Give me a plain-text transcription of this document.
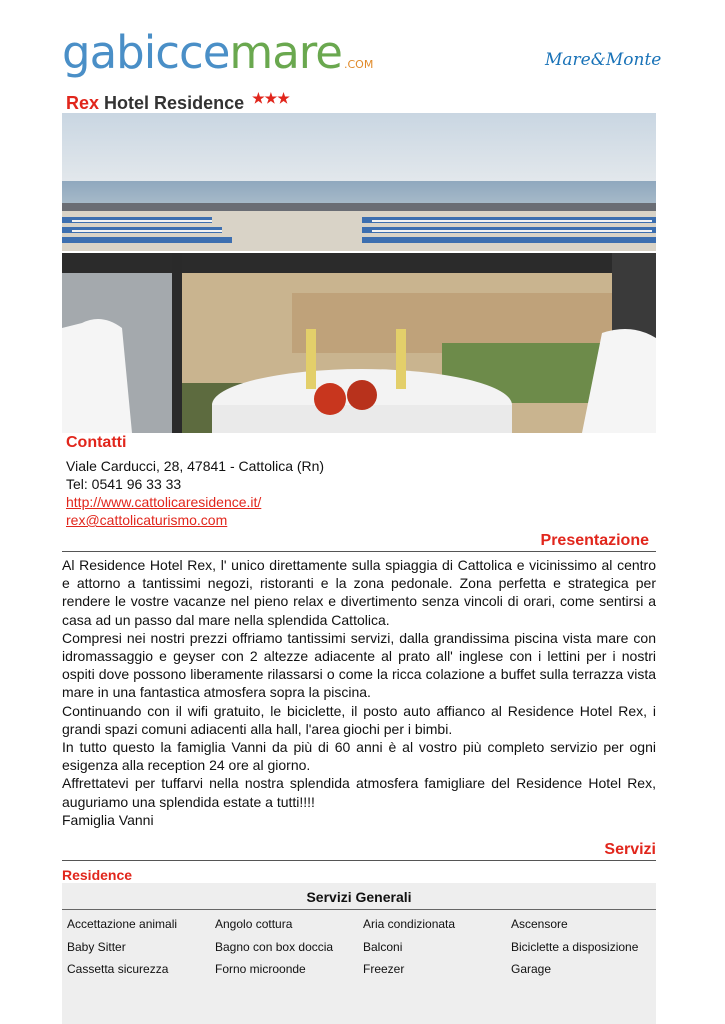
gabiccemare .COM	Mare&Monte
Rex Hotel Residence ★★★
Contatti
Viale Carducci, 28, 47841 - Cattolica (Rn)
Tel: 0541 96 33 33
http://www.cattolicaresidence.it/
rex@cattolicaturismo.com
Presentazione

Al Residence Hotel Rex, l' unico direttamente sulla spiaggia di Cattolica e vicinissimo al centro e attorno a tantissimi negozi, ristoranti e la zona pedonale. Zona perfetta e strategica per rendere le vostre vacanze nel pieno relax e divertimento senza vincoli di orari, come sentirsi a casa ad un passo dal mare nella splendida Cattolica.

Compresi nei nostri prezzi offriamo tantissimi servizi, dalla grandissima piscina vista mare con idromassaggio e geyser con 2 altezze adiacente al prato all' inglese con i lettini per i nostri ospiti dove possono liberamente rilassarsi o come la ricca colazione a buffet sulla terrazza vista mare in una fantastica atmosfera sopra la piscina.

Continuando con il wifi gratuito, le biciclette, il posto auto affianco al Residence Hotel Rex, i grandi spazi comuni adiacenti alla hall, l'area giochi per i bimbi.

In tutto questo la famiglia Vanni da più di 60 anni è al vostro più completo servizio per ogni esigenza alla reception 24 ore al giorno.

Affrettatevi per tuffarvi nella nostra splendida atmosfera famigliare del Residence Hotel Rex, auguriamo una splendida estate a tutti!!!!

Famiglia Vanni

Servizi
Residence
Servizi Generali
Accettazione animali	Angolo cottura	Aria condizionata	Ascensore
Baby Sitter	Bagno con box doccia	Balconi	Biciclette a disposizione
Cassetta sicurezza	Forno microonde	Freezer	Garage
